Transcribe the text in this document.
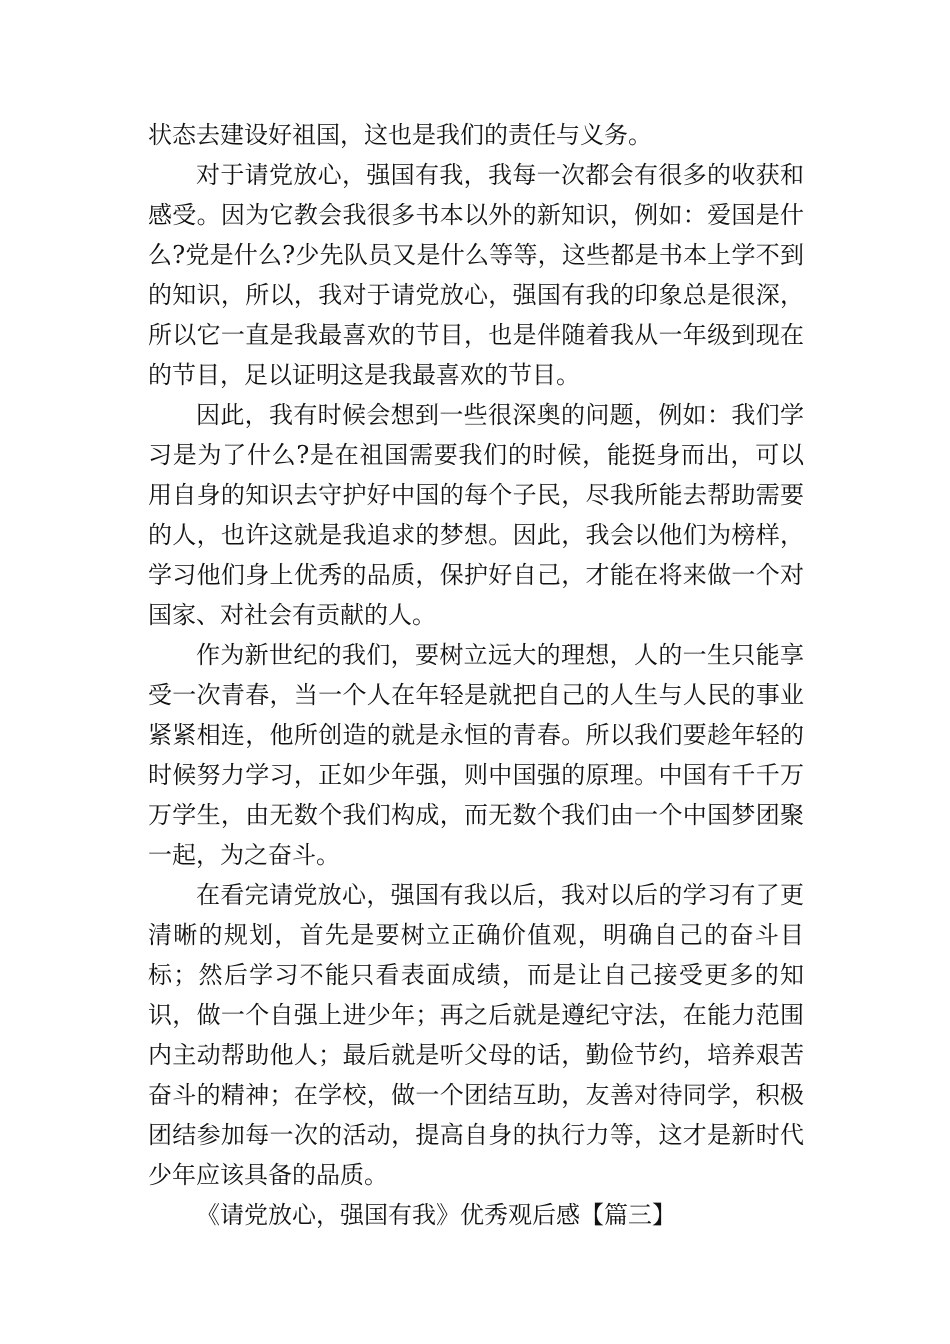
状态去建设好祖国，这也是我们的责任与义务。

对于请党放心，强国有我，我每一次都会有很多的收获和感受。因为它教会我很多书本以外的新知识，例如：爱国是什么?党是什么?少先队员又是什么等等，这些都是书本上学不到的知识，所以，我对于请党放心，强国有我的印象总是很深，所以它一直是我最喜欢的节目，也是伴随着我从一年级到现在的节目，足以证明这是我最喜欢的节目。

因此，我有时候会想到一些很深奥的问题，例如：我们学习是为了什么?是在祖国需要我们的时候，能挺身而出，可以用自身的知识去守护好中国的每个子民，尽我所能去帮助需要的人，也许这就是我追求的梦想。因此，我会以他们为榜样，学习他们身上优秀的品质，保护好自己，才能在将来做一个对国家、对社会有贡献的人。

作为新世纪的我们，要树立远大的理想，人的一生只能享受一次青春，当一个人在年轻是就把自己的人生与人民的事业紧紧相连，他所创造的就是永恒的青春。所以我们要趁年轻的时候努力学习，正如少年强，则中国强的原理。中国有千千万万学生，由无数个我们构成，而无数个我们由一个中国梦团聚一起，为之奋斗。

在看完请党放心，强国有我以后，我对以后的学习有了更清晰的规划，首先是要树立正确价值观，明确自己的奋斗目标；然后学习不能只看表面成绩，而是让自己接受更多的知识，做一个自强上进少年；再之后就是遵纪守法，在能力范围内主动帮助他人；最后就是听父母的话，勤俭节约，培养艰苦奋斗的精神；在学校，做一个团结互助，友善对待同学，积极团结参加每一次的活动，提高自身的执行力等，这才是新时代少年应该具备的品质。

《请党放心，强国有我》优秀观后感【篇三】
